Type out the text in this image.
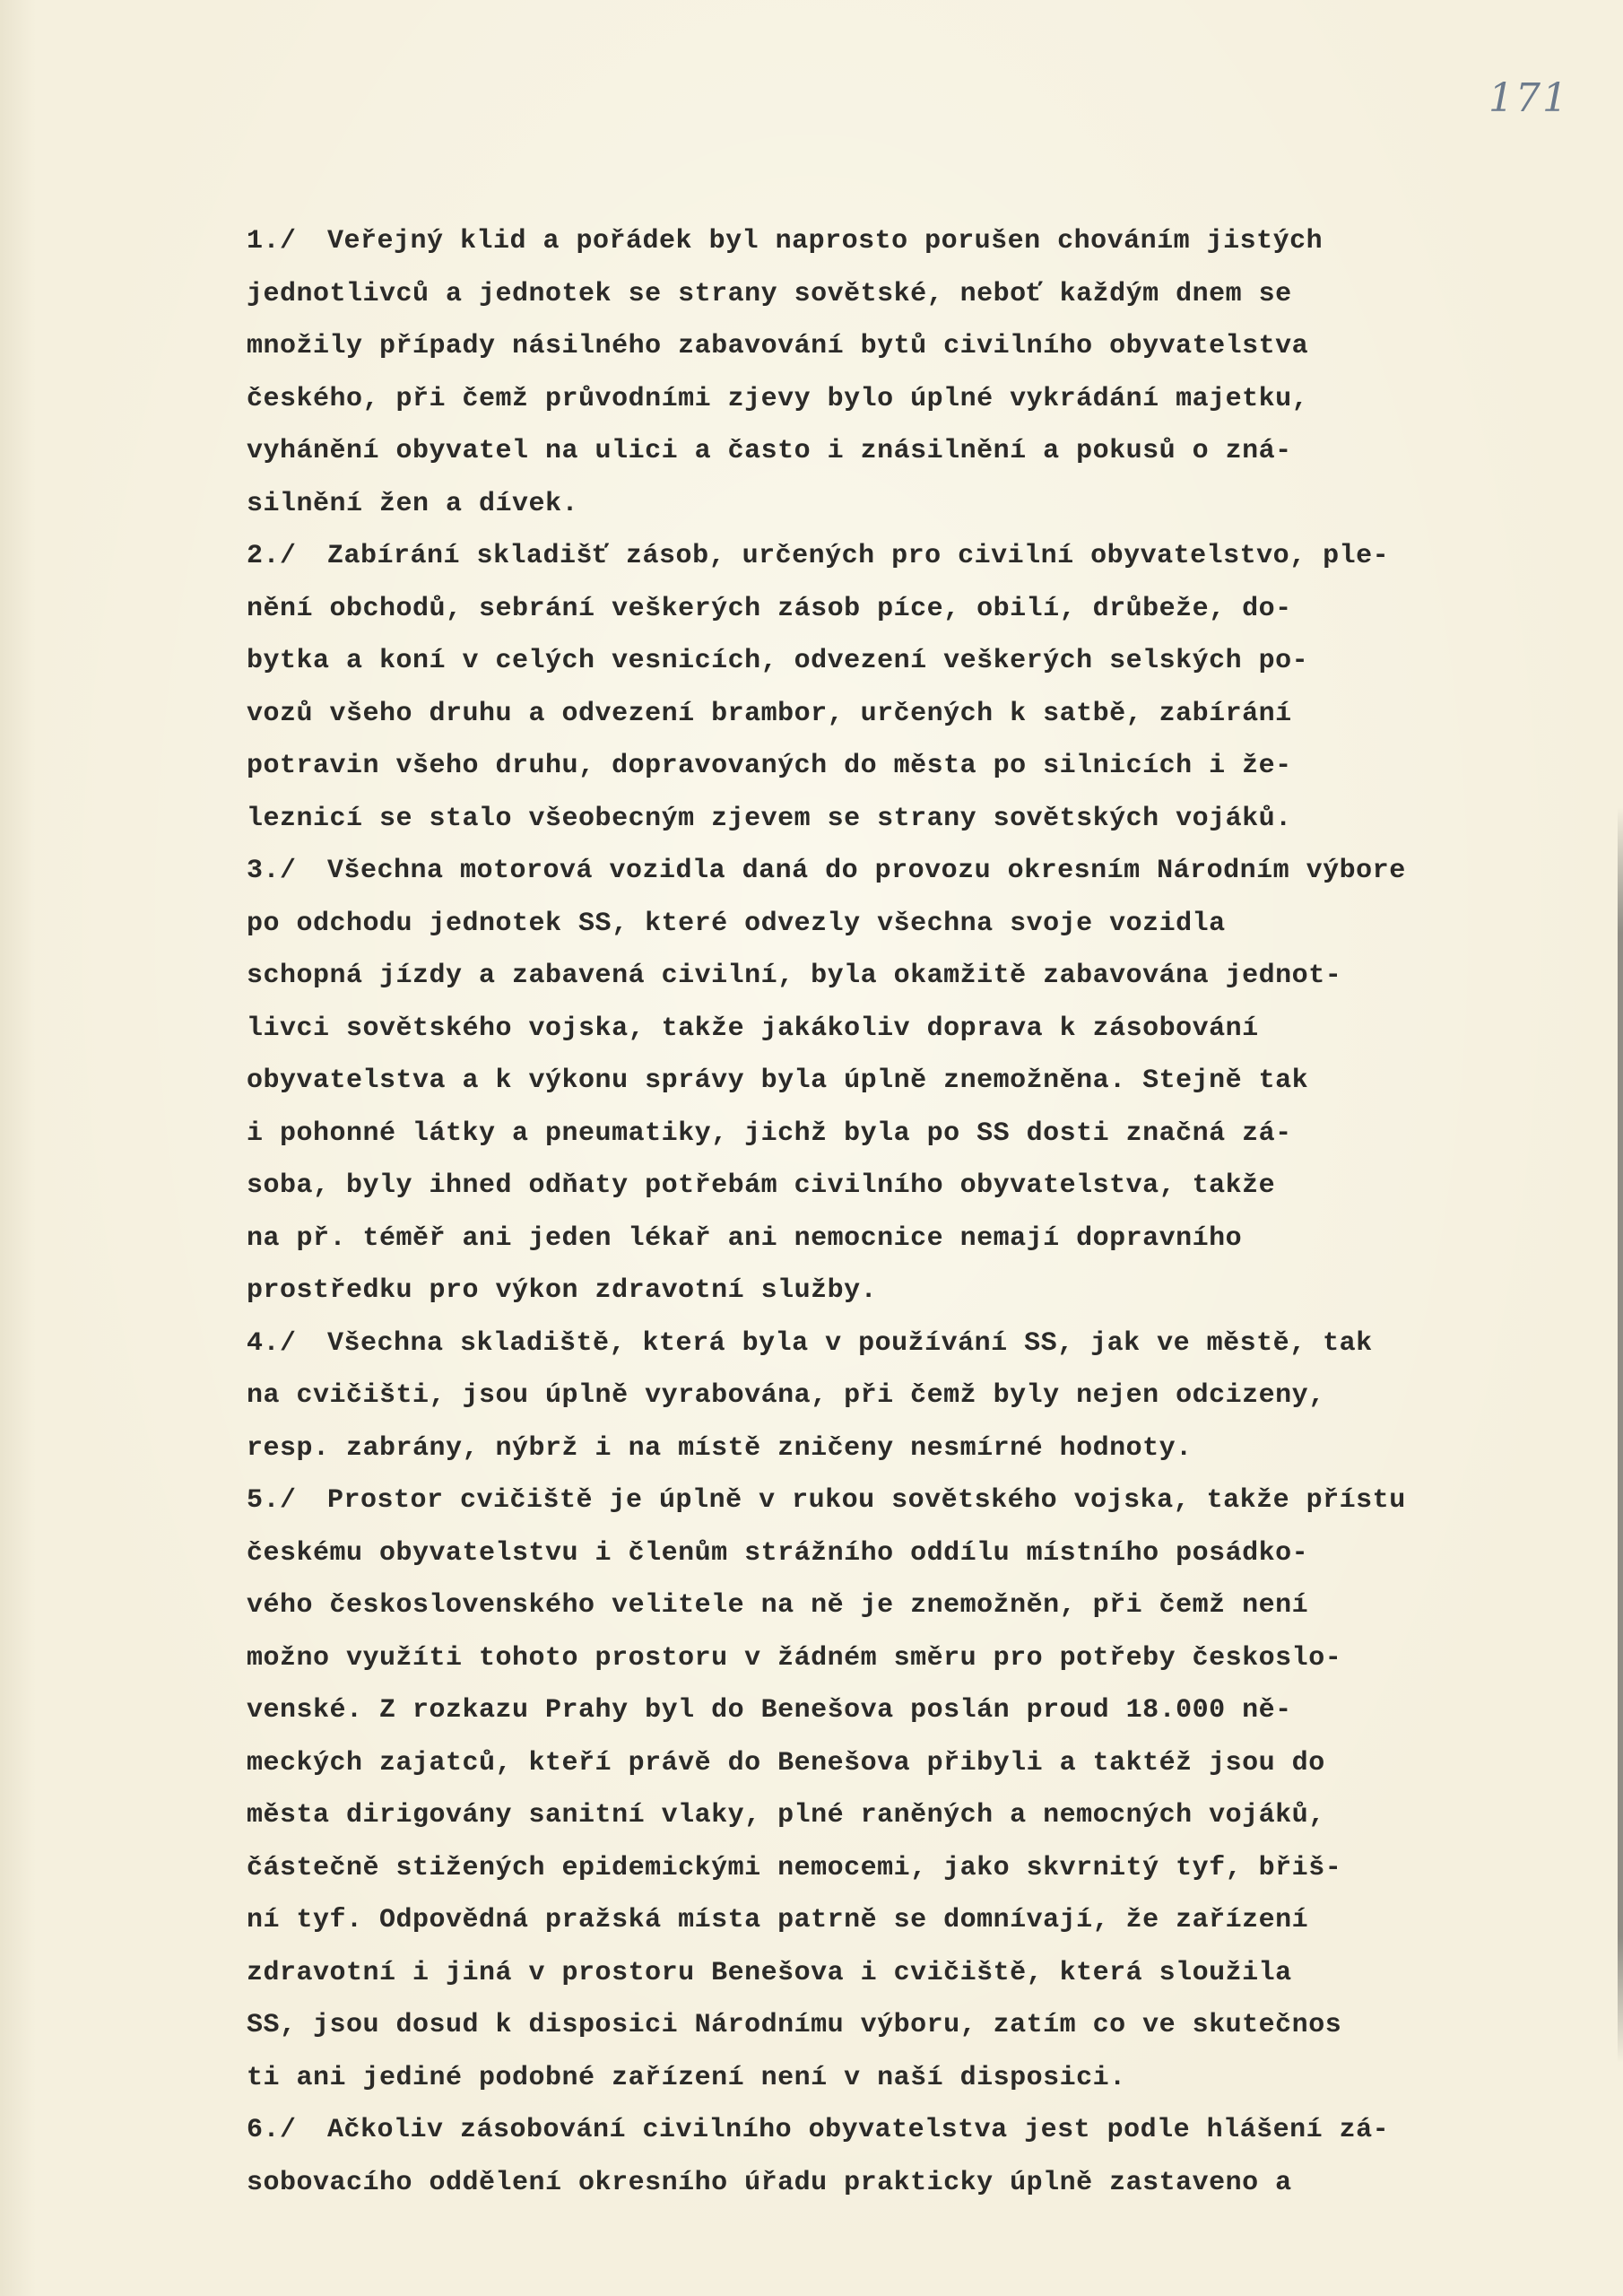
171
1./ Veřejný klid a pořádek byl naprosto porušen chováním jistých
jednotlivců a jednotek se strany sovětské, neboť každým dnem se
množily případy násilného zabavování bytů civilního obyvatelstva
českého, při čemž průvodními zjevy bylo úplné vykrádání majetku,
vyhánění obyvatel na ulici a často i znásilnění a pokusů o zná-
silnění žen a dívek.
2./ Zabírání skladišť zásob, určených pro civilní obyvatelstvo, ple-
nění obchodů, sebrání veškerých zásob píce, obilí, drůbeže, do-
bytka a koní v celých vesnicích, odvezení veškerých selských po-
vozů všeho druhu a odvezení brambor, určených k satbě, zabírání
potravin všeho druhu, dopravovaných do města po silnicích i že-
leznicí se stalo všeobecným zjevem se strany sovětských vojáků.
3./ Všechna motorová vozidla daná do provozu okresním Národním výbore
po odchodu jednotek SS, které odvezly všechna svoje vozidla
schopná jízdy a zabavená civilní, byla okamžitě zabavována jednot-
livci sovětského vojska, takže jakákoliv doprava k zásobování
obyvatelstva a k výkonu správy byla úplně znemožněna. Stejně tak
i pohonné látky a pneumatiky, jichž byla po SS dosti značná zá-
soba, byly ihned odňaty potřebám civilního obyvatelstva, takže
na př. téměř ani jeden lékař ani nemocnice nemají dopravního
prostředku pro výkon zdravotní služby.
4./ Všechna skladiště, která byla v používání SS, jak ve městě, tak
na cvičišti, jsou úplně vyrabována, při čemž byly nejen odcizeny,
resp. zabrány, nýbrž i na místě zničeny nesmírné hodnoty.
5./ Prostor cvičiště je úplně v rukou sovětského vojska, takže přístu
českému obyvatelstvu i členům strážního oddílu místního posádko-
vého československého velitele na ně je znemožněn, při čemž není
možno využíti tohoto prostoru v žádném směru pro potřeby českoslo-
venské. Z rozkazu Prahy byl do Benešova poslán proud 18.000 ně-
meckých zajatců, kteří právě do Benešova přibyli a taktéž jsou do
města dirigovány sanitní vlaky, plné raněných a nemocných vojáků,
částečně stižených epidemickými nemocemi, jako skvrnitý tyf, břiš-
ní tyf. Odpovědná pražská místa patrně se domnívají, že zařízení
zdravotní i jiná v prostoru Benešova i cvičiště, která sloužila
SS, jsou dosud k disposici Národnímu výboru, zatím co ve skutečnos
ti ani jediné podobné zařízení není v naší disposici.
6./ Ačkoliv zásobování civilního obyvatelstva jest podle hlášení zá-
sobovacího oddělení okresního úřadu prakticky úplně zastaveno a
